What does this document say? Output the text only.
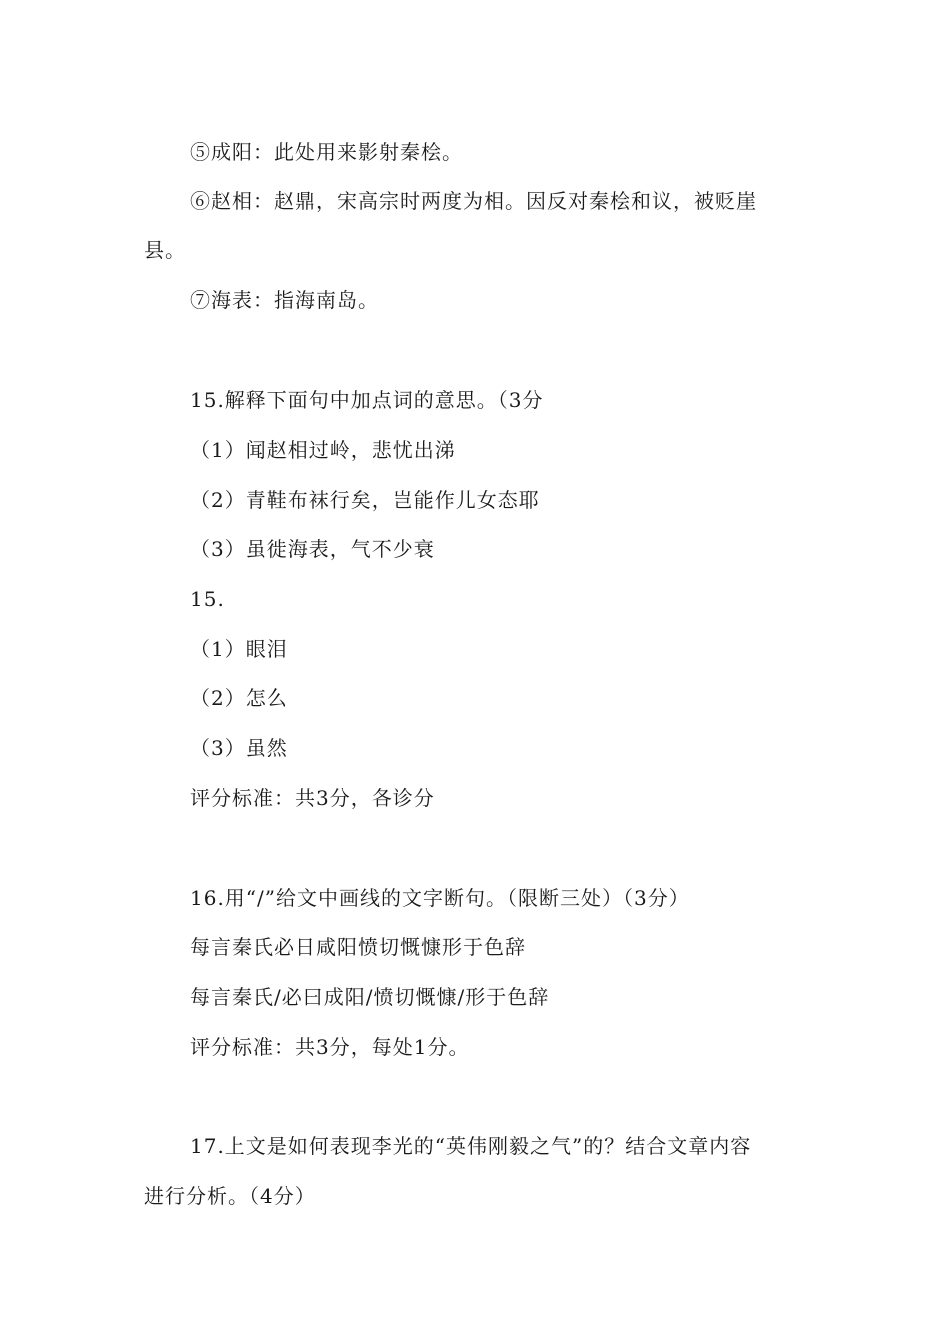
⑤成阳：此处用来影射秦桧。
⑥赵相：赵鼎，宋高宗时两度为相。因反对秦桧和议，被贬崖
县。
⑦海表：指海南岛。
15.解释下面句中加点词的意思。（3分
（1）闻赵相过岭，悲忧出涕
（2）青鞋布袜行矣，岂能作儿女态耶
（3）虽徙海表，气不少衰
15.
（1）眼泪
（2）怎么
（3）虽然
评分标准：共3分，各诊分
16.用“/”给文中画线的文字断句。（限断三处）（3分）
每言秦氏必日咸阳愤切慨慷形于色辞
每言秦氏/必曰成阳/愤切慨慷/形于色辞
评分标准：共3分，每处1分。
17.上文是如何表现李光的“英伟刚毅之气”的？结合文章内容
进行分析。（4分）
